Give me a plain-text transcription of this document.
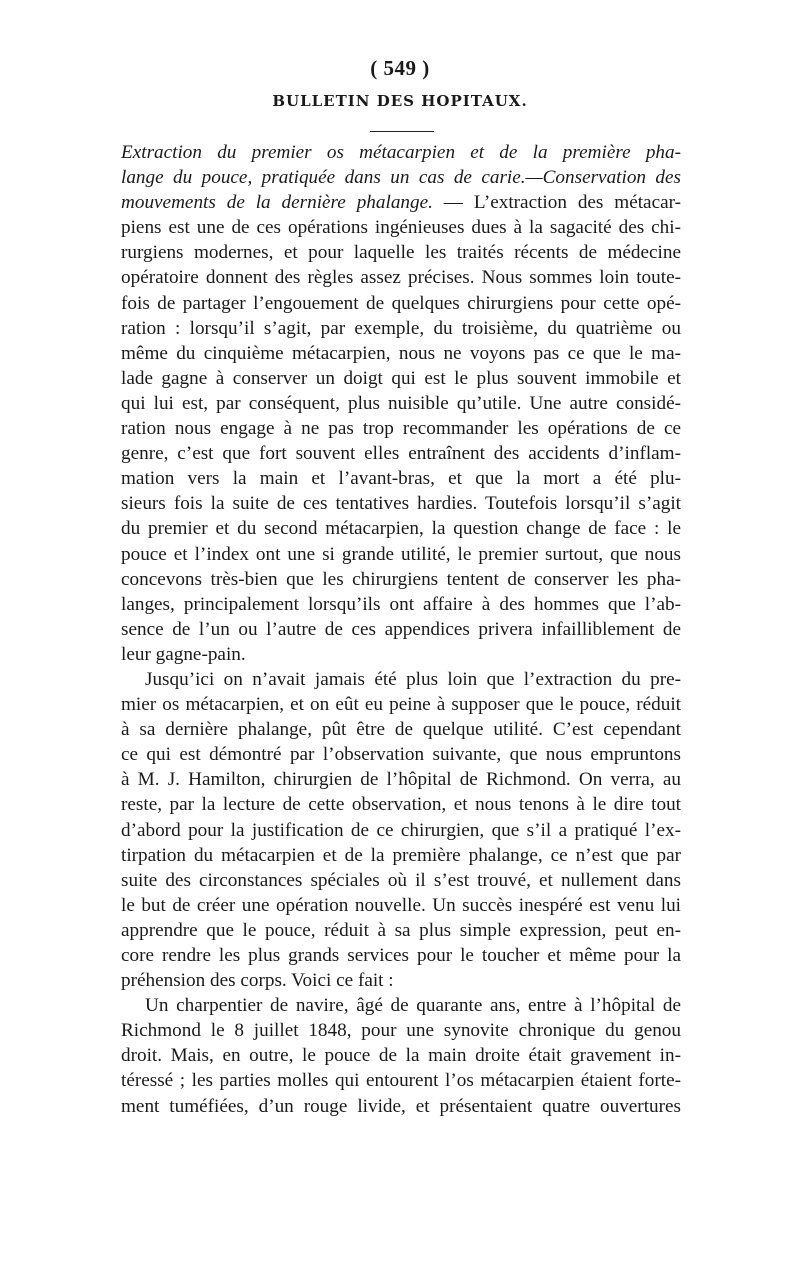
( 549 )
BULLETIN DES HOPITAUX.
Extraction du premier os métacarpien et de la première pha-
lange du pouce, pratiquée dans un cas de carie.—Conservation des
mouvements de la dernière phalange. — L’extraction des métacar-
piens est une de ces opérations ingénieuses dues à la sagacité des chi-
rurgiens modernes, et pour laquelle les traités récents de médecine
opératoire donnent des règles assez précises. Nous sommes loin toute-
fois de partager l’engouement de quelques chirurgiens pour cette opé-
ration : lorsqu’il s’agit, par exemple, du troisième, du quatrième ou
même du cinquième métacarpien, nous ne voyons pas ce que le ma-
lade gagne à conserver un doigt qui est le plus souvent immobile et
qui lui est, par conséquent, plus nuisible qu’utile. Une autre considé-
ration nous engage à ne pas trop recommander les opérations de ce
genre, c’est que fort souvent elles entraînent des accidents d’inflam-
mation vers la main et l’avant-bras, et que la mort a été plu-
sieurs fois la suite de ces tentatives hardies. Toutefois lorsqu’il s’agit
du premier et du second métacarpien, la question change de face : le
pouce et l’index ont une si grande utilité, le premier surtout, que nous
concevons très-bien que les chirurgiens tentent de conserver les pha-
langes, principalement lorsqu’ils ont affaire à des hommes que l’ab-
sence de l’un ou l’autre de ces appendices privera infailliblement de
leur gagne-pain.
Jusqu’ici on n’avait jamais été plus loin que l’extraction du pre-
mier os métacarpien, et on eût eu peine à supposer que le pouce, réduit
à sa dernière phalange, pût être de quelque utilité. C’est cependant
ce qui est démontré par l’observation suivante, que nous empruntons
à M. J. Hamilton, chirurgien de l’hôpital de Richmond. On verra, au
reste, par la lecture de cette observation, et nous tenons à le dire tout
d’abord pour la justification de ce chirurgien, que s’il a pratiqué l’ex-
tirpation du métacarpien et de la première phalange, ce n’est que par
suite des circonstances spéciales où il s’est trouvé, et nullement dans
le but de créer une opération nouvelle. Un succès inespéré est venu lui
apprendre que le pouce, réduit à sa plus simple expression, peut en-
core rendre les plus grands services pour le toucher et même pour la
préhension des corps. Voici ce fait :
Un charpentier de navire, âgé de quarante ans, entre à l’hôpital de
Richmond le 8 juillet 1848, pour une synovite chronique du genou
droit. Mais, en outre, le pouce de la main droite était gravement in-
téressé ; les parties molles qui entourent l’os métacarpien étaient forte-
ment tuméfiées, d’un rouge livide, et présentaient quatre ouvertures
